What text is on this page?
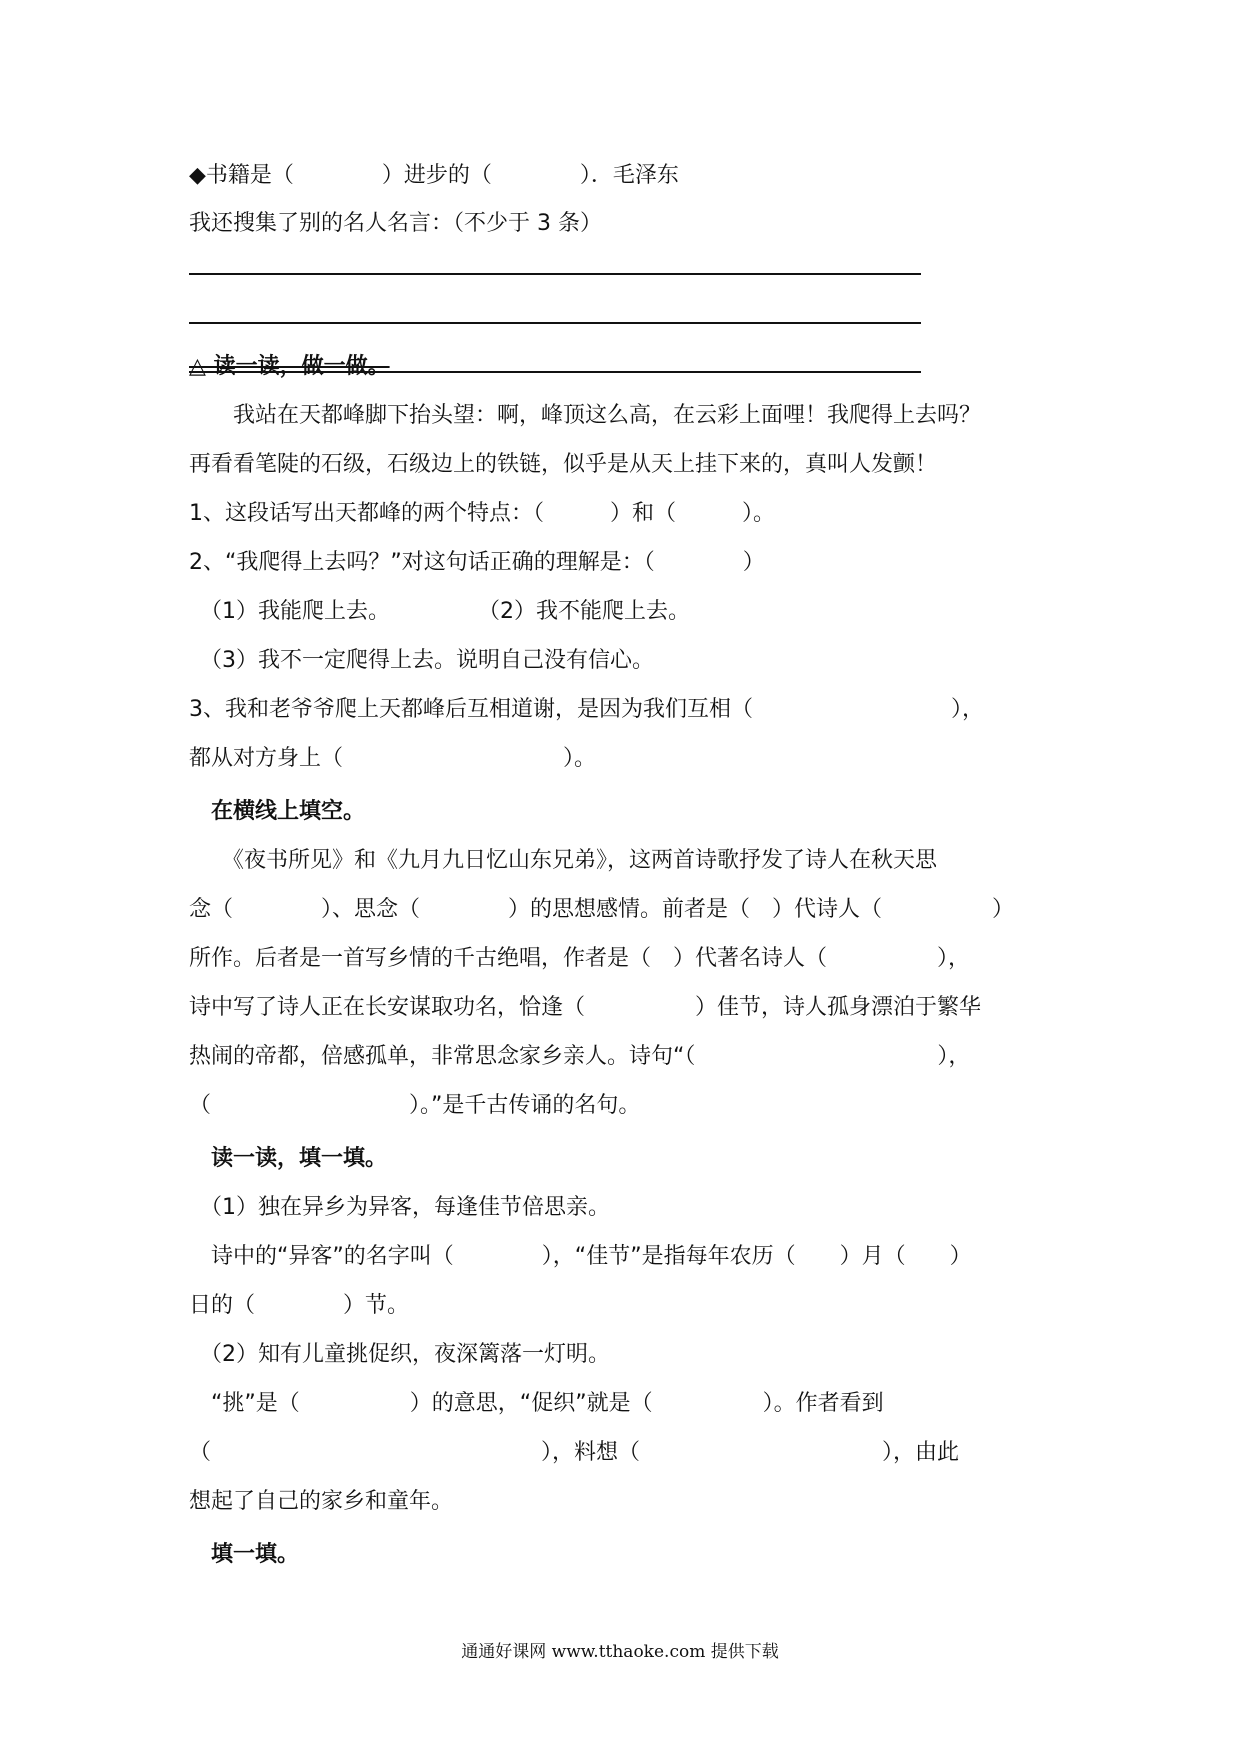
◆书籍是（　　　　）进步的（　　　　）．毛泽东
我还搜集了别的名人名言：（不少于 3 条）
△ 读一读，做一做。
　　我站在天都峰脚下抬头望：啊，峰顶这么高，在云彩上面哩！我爬得上去吗？
再看看笔陡的石级，石级边上的铁链，似乎是从天上挂下来的，真叫人发颤！
1、这段话写出天都峰的两个特点：（　　　）和（　　　）。
2、“我爬得上去吗？”对这句话正确的理解是：（　　　　）
　（1）我能爬上去。　　　　　（2）我不能爬上去。
　（3）我不一定爬得上去。说明自己没有信心。
3、我和老爷爷爬上天都峰后互相道谢，是因为我们互相（　　　　　　　　　），
都从对方身上（　　　　　　　　　　）。
　在横线上填空。
　　《夜书所见》和《九月九日忆山东兄弟》，这两首诗歌抒发了诗人在秋天思
念（　　　　）、思念（　　　　）的思想感情。前者是（　）代诗人（　　　　　）
所作。后者是一首写乡情的千古绝唱，作者是（　）代著名诗人（　　　　　），
诗中写了诗人正在长安谋取功名，恰逢（　　　　　）佳节，诗人孤身漂泊于繁华
热闹的帝都，倍感孤单，非常思念家乡亲人。诗句“（　　　　　　　　　　　），
（　　　　　　　　　）。”是千古传诵的名句。
　读一读，填一填。
　（1）独在异乡为异客，每逢佳节倍思亲。
　诗中的“异客”的名字叫（　　　　），“佳节”是指每年农历（　　）月（　　）
日的（　　　　）节。
　（2）知有儿童挑促织，夜深篱落一灯明。
　“挑”是（　　　　　）的意思，“促织”就是（　　　　　）。作者看到
（　　　　　　　　　　　　　　　），料想（　　　　　　　　　　　），由此
想起了自己的家乡和童年。
　填一填。
通通好课网 www.tthaoke.com 提供下载
